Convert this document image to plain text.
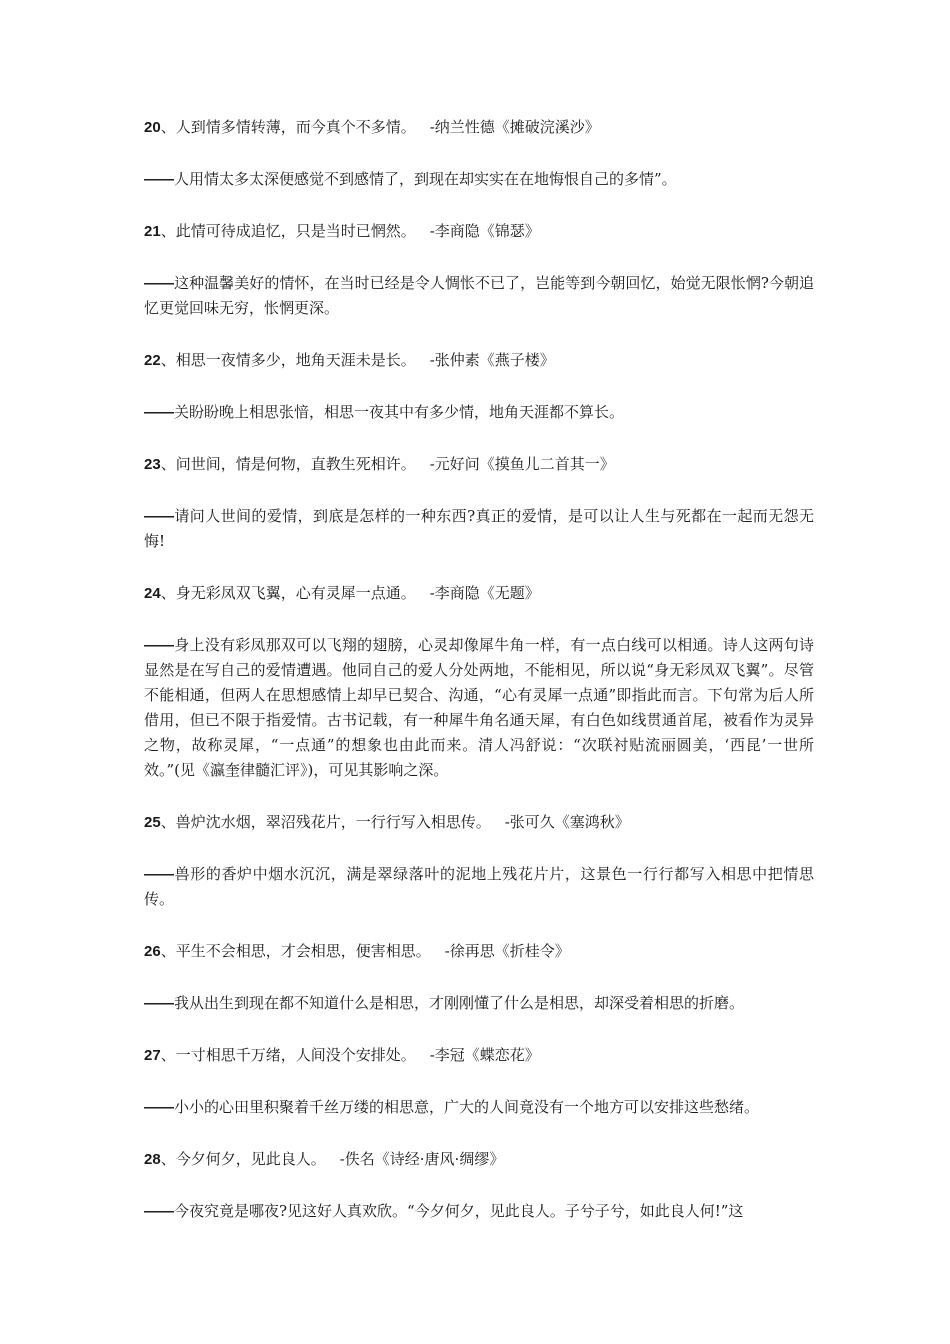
20、人到情多情转薄，而今真个不多情。 -纳兰性德《摊破浣溪沙》

——人用情太多太深便感觉不到感情了，到现在却实实在在地悔恨自己的多情”。

21、此情可待成追忆，只是当时已惘然。 -李商隐《锦瑟》

——这种温馨美好的情怀，在当时已经是令人惆怅不已了，岂能等到今朝回忆，始觉无限怅惘?今朝追忆更觉回味无穷，怅惘更深。

22、相思一夜情多少，地角天涯未是长。 -张仲素《燕子楼》

——关盼盼晚上相思张愔，相思一夜其中有多少情，地角天涯都不算长。

23、问世间，情是何物，直教生死相许。 -元好问《摸鱼儿二首其一》

——请问人世间的爱情，到底是怎样的一种东西?真正的爱情，是可以让人生与死都在一起而无怨无悔!

24、身无彩凤双飞翼，心有灵犀一点通。 -李商隐《无题》

——身上没有彩凤那双可以飞翔的翅膀，心灵却像犀牛角一样，有一点白线可以相通。诗人这两句诗显然是在写自己的爱情遭遇。他同自己的爱人分处两地，不能相见，所以说“身无彩凤双飞翼”。尽管不能相通，但两人在思想感情上却早已契合、沟通，“心有灵犀一点通”即指此而言。下句常为后人所借用，但已不限于指爱情。古书记载，有一种犀牛角名通天犀，有白色如线贯通首尾，被看作为灵异之物，故称灵犀，“一点通”的想象也由此而来。清人冯舒说：“次联衬贴流丽圆美，‘西昆’一世所效。”(见《瀛奎律髓汇评》)，可见其影响之深。

25、兽炉沈水烟，翠沼残花片，一行行写入相思传。 -张可久《塞鸿秋》

——兽形的香炉中烟水沉沉，满是翠绿落叶的泥地上残花片片，这景色一行行都写入相思中把情思传。

26、平生不会相思，才会相思，便害相思。 -徐再思《折桂令》

——我从出生到现在都不知道什么是相思，才刚刚懂了什么是相思，却深受着相思的折磨。

27、一寸相思千万绪，人间没个安排处。 -李冠《蝶恋花》

——小小的心田里积聚着千丝万缕的相思意，广大的人间竟没有一个地方可以安排这些愁绪。

28、今夕何夕，见此良人。 -佚名《诗经·唐风·绸缪》

——今夜究竟是哪夜?见这好人真欢欣。“今夕何夕，见此良人。子兮子兮，如此良人何!”这
